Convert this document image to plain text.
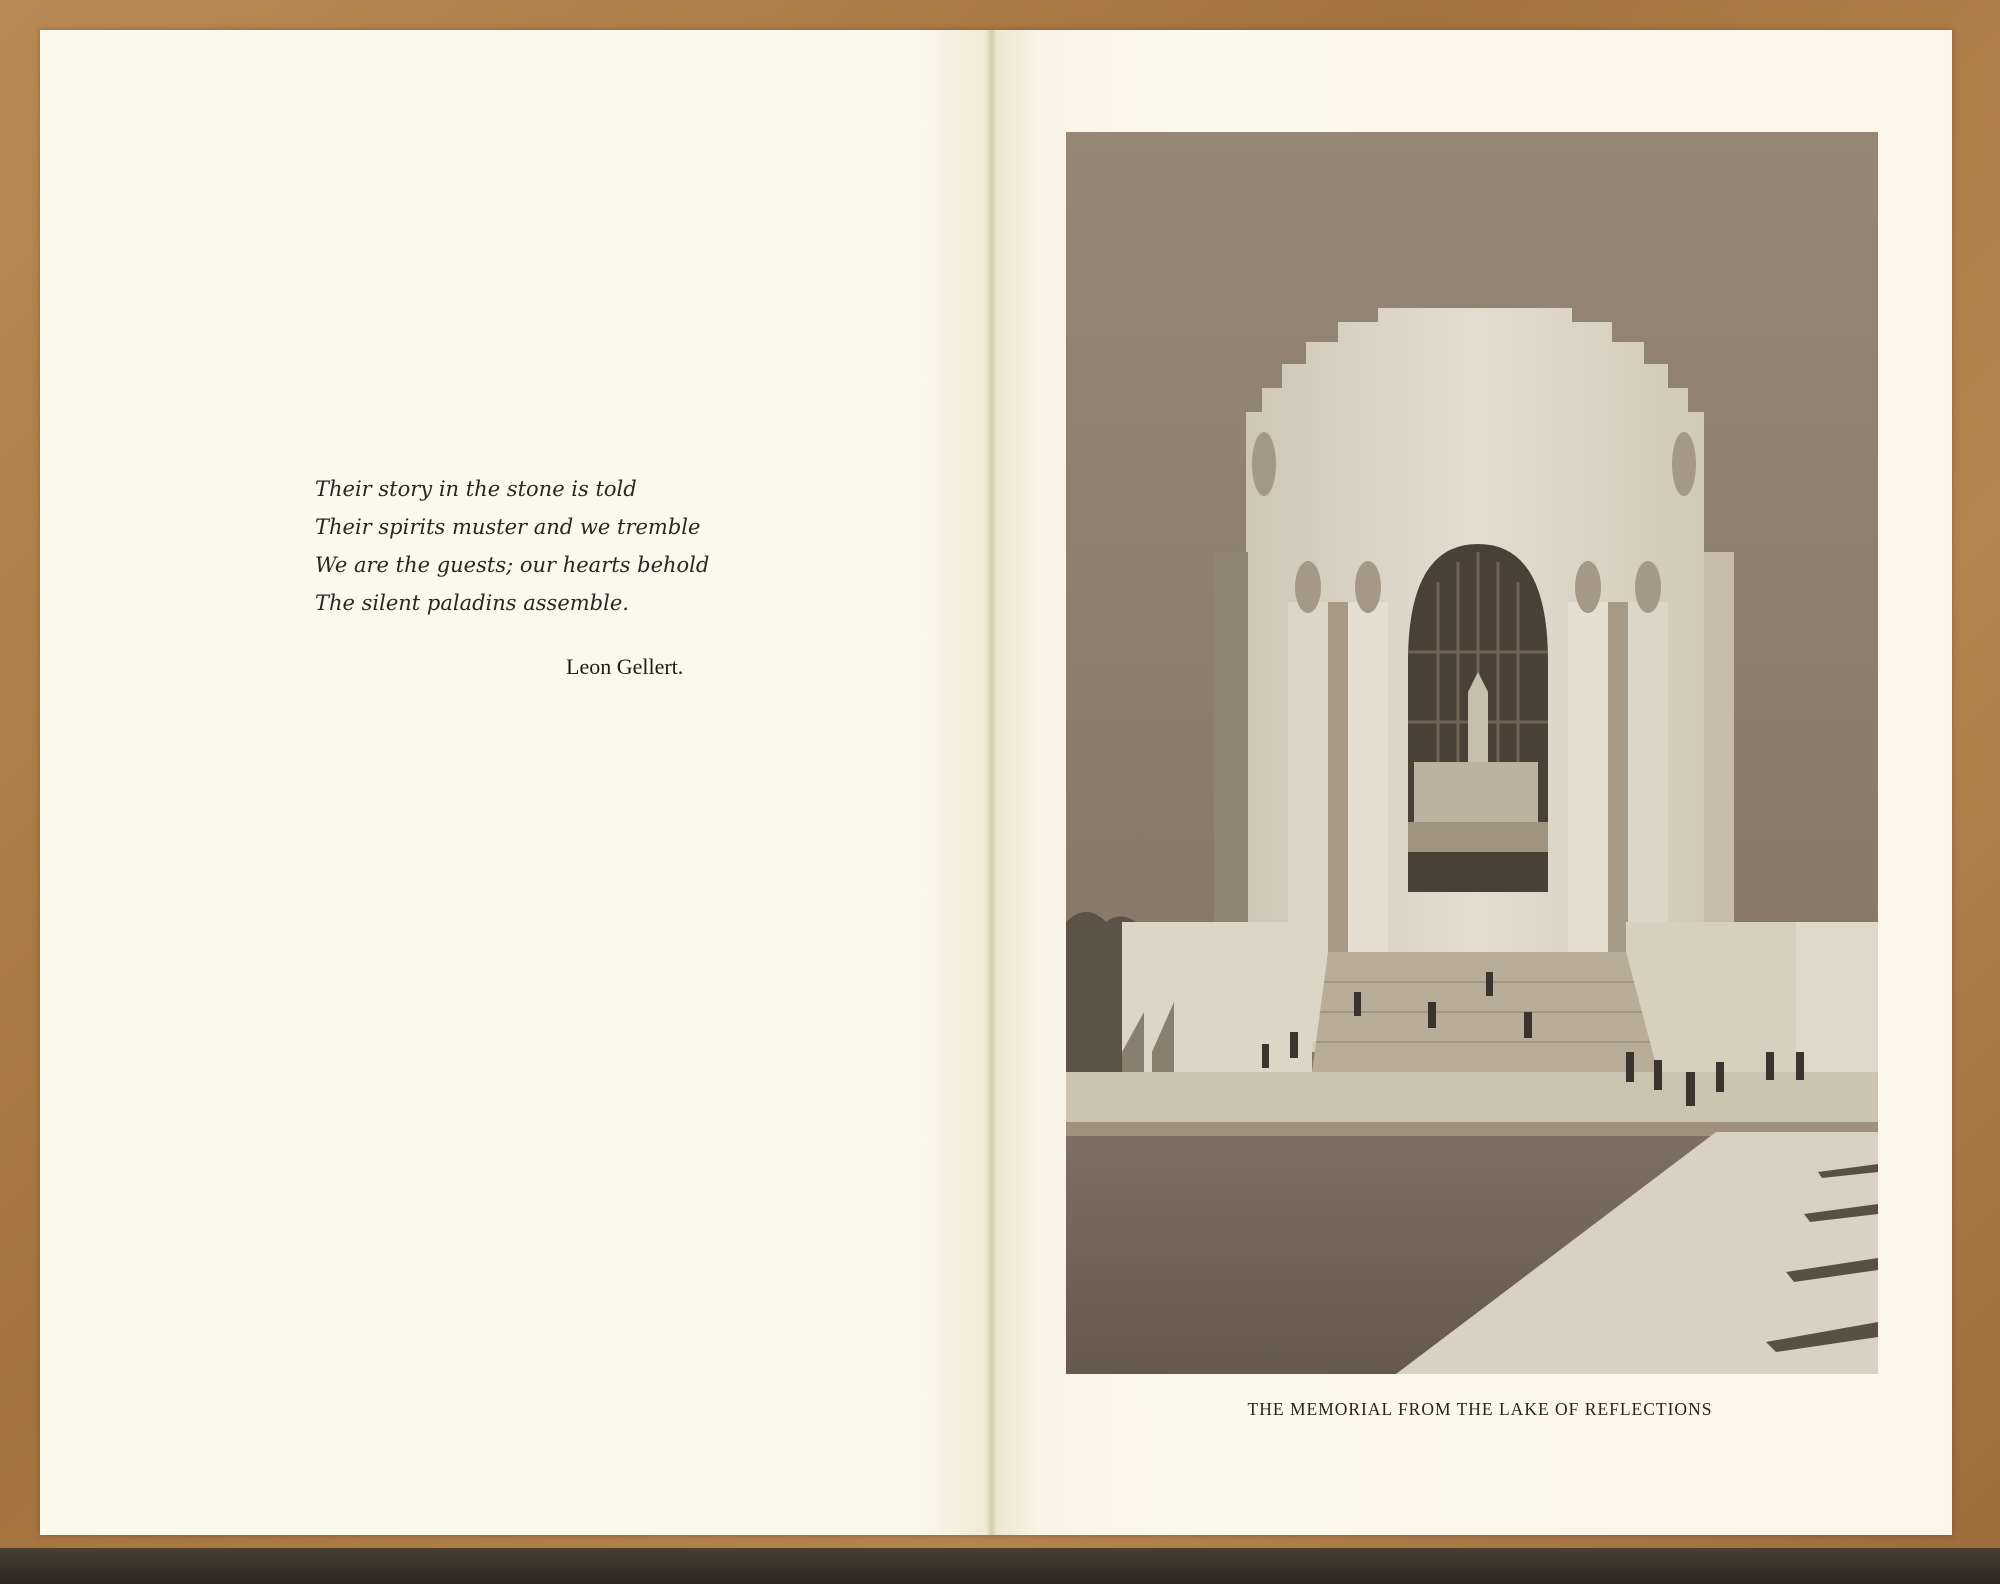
Their story in the stone is told
Their spirits muster and we tremble
We are the guests; our hearts behold
The silent paladins assemble.
Leon Gellert.
THE MEMORIAL FROM THE LAKE OF REFLECTIONS
